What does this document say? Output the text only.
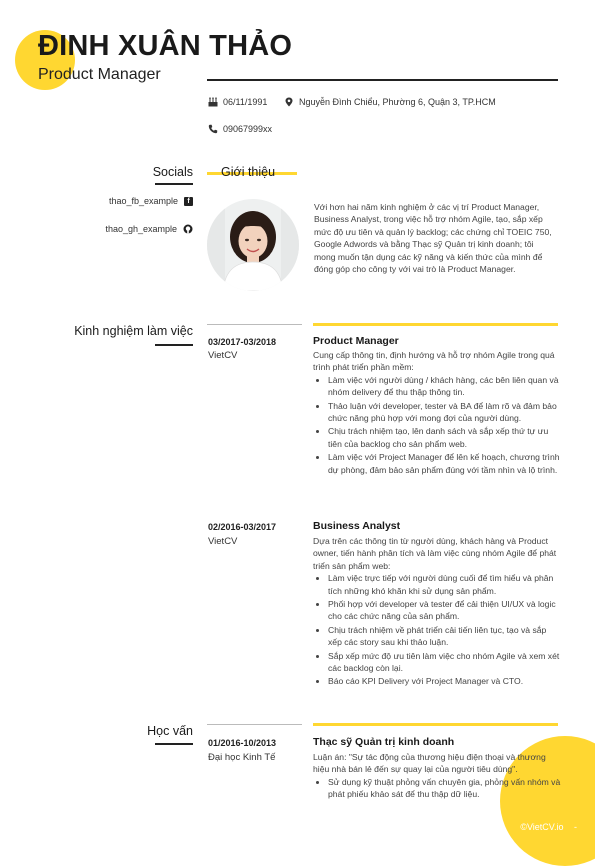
ĐINH XUÂN THẢO
Product Manager
06/11/1991	Nguyễn Đình Chiểu, Phường 6, Quận 3, TP.HCM
09067999xx
Socials
thao_fb_example	f
thao_gh_example
Giới thiệu
Với hơn hai năm kinh nghiệm ở các vị trí Product Manager, Business Analyst, trong việc hỗ trợ nhóm Agile, tạo, sắp xếp mức độ ưu tiên và quản lý backlog; các chứng chỉ TOEIC 750, Google Adwords và bằng Thạc sỹ Quản trị kinh doanh; tôi mong muốn tận dụng các kỹ năng và kiến thức của mình để đóng góp cho công ty với vai trò là Product Manager.
Kinh nghiệm làm việc
03/2017-03/2018
VietCV
Product Manager
Cung cấp thông tin, định hướng và hỗ trợ nhóm Agile trong quá trình phát triển phần mềm:
• Làm việc với người dùng / khách hàng, các bên liên quan và nhóm delivery để thu thập thông tin.
• Thảo luận với developer, tester và BA để làm rõ và đảm bảo chức năng phù hợp với mong đợi của người dùng.
• Chịu trách nhiệm tạo, lên danh sách và sắp xếp thứ tự ưu tiên của backlog cho sản phẩm web.
• Làm việc với Project Manager để lên kế hoạch, chương trình dự phòng, đảm bảo sản phẩm đúng với tầm nhìn và lộ trình.
02/2016-03/2017
VietCV
Business Analyst
Dựa trên các thông tin từ người dùng, khách hàng và Product owner, tiến hành phân tích và làm việc cùng nhóm Agile để phát triển sản phẩm web:
• Làm việc trực tiếp với người dùng cuối để tìm hiểu và phân tích những khó khăn khi sử dụng sản phẩm.
• Phối hợp với developer và tester để cải thiện UI/UX và logic cho các chức năng của sản phẩm.
• Chịu trách nhiệm về phát triển cải tiến liên tục, tạo và sắp xếp các story sau khi thảo luận.
• Sắp xếp mức độ ưu tiên làm việc cho nhóm Agile và xem xét các backlog còn lại.
• Báo cáo KPI Delivery với Project Manager và CTO.
Học vấn
01/2016-10/2013
Đại học Kinh Tế
Thạc sỹ Quản trị kinh doanh
Luận án: "Sự tác động của thương hiệu điện thoại và thương hiệu nhà bán lẻ đến sự quay lại của người tiêu dùng".
• Sử dụng kỹ thuật phỏng vấn chuyên gia, phỏng vấn nhóm và phát phiếu khảo sát để thu thập dữ liệu.
©VietCV.io -
